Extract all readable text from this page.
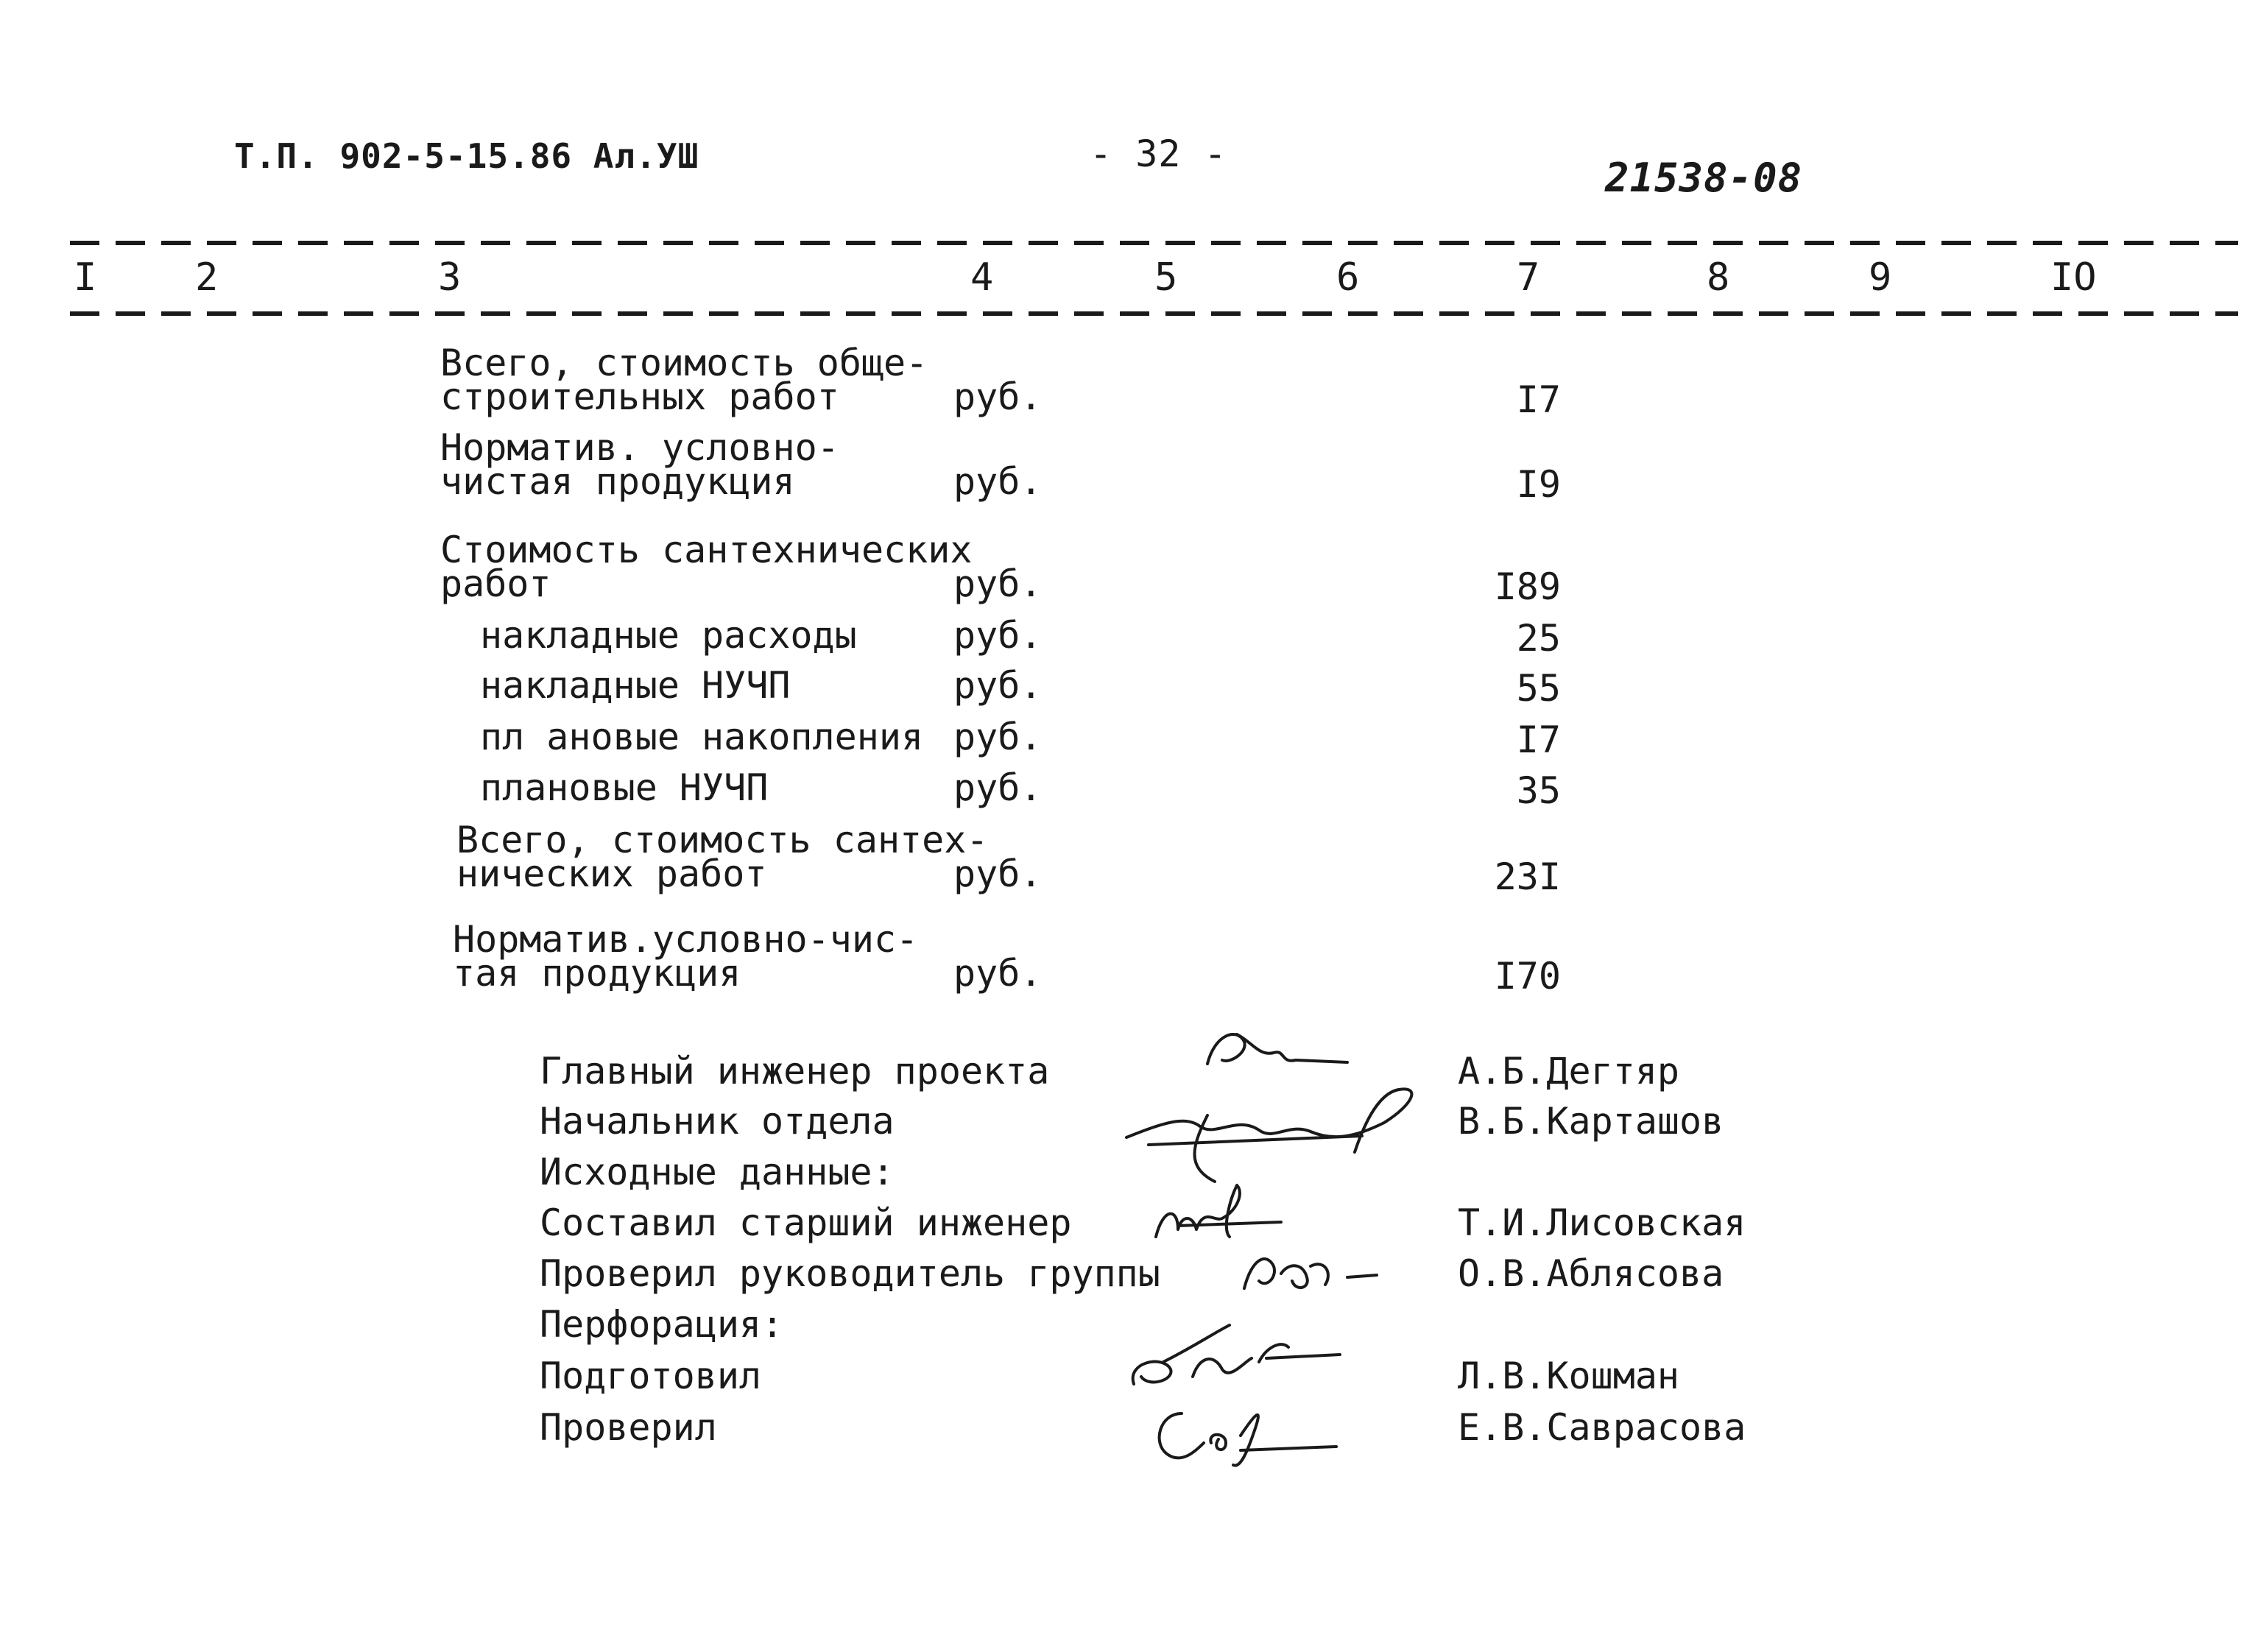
Т.П. 902-5-15.86 Ал.УШ	- 32 -
21538-08
I	2	3	4	5	6	7	8	9	IO
Всего, стоимость обще-
строительных работ	руб.	I7
Норматив. условно-
чистая продукция	руб.	I9
Стоимость сантехнических
работ	руб.	I89
накладные расходы	руб.	25
накладные НУЧП	руб.	55
пл ановые накопления руб.	I7
плановые НУЧП	руб.	35
Всего, стоимость сантех-
нических работ	руб.	23I
Норматив.условно-чис-
тая продукция	руб.	I70
Главный инженер проекта	А.Б.Дегтяр
Начальник отдела	В.Б.Карташов
Исходные данные:
Составил старший инженер	Т.И.Лисовская
Проверил руководитель группы	О.В.Аблясова
Перфорация:
Подготовил	Л.В.Кошман
Проверил	Е.В.Саврасова
